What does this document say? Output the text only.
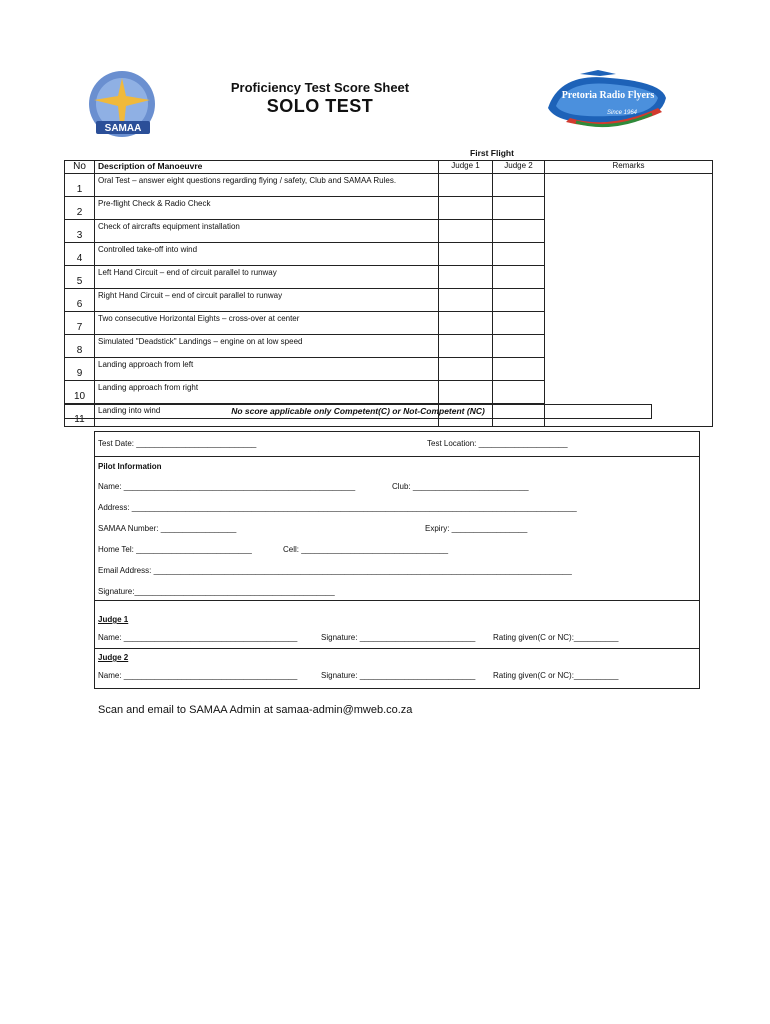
SAMAA
Pretoria Radio Flyers
Since 1964
Proficiency Test Score Sheet
SOLO TEST
First Flight
No	Description of Manoeuvre	Judge 1	Judge 2	Remarks
1	Oral Test – answer eight questions regarding flying / safety, Club and SAMAA Rules.			
2	Pre-flight Check & Radio Check			
3	Check of aircrafts equipment installation			
4	Controlled take-off into wind			
5	Left Hand Circuit – end of circuit parallel to runway			
6	Right Hand Circuit – end of circuit parallel to runway			
7	Two consecutive Horizontal Eights – cross-over at center			
8	Simulated "Deadstick" Landings – engine on at low speed			
9	Landing approach from left			
10	Landing approach from right			
11	Landing into wind				No score applicable only Competent(C) or Not-Competent (NC)
Test Date: ___________________________	Test Location: ____________________
Pilot Information
Name: ____________________________________________________	Club: __________________________
Address: ____________________________________________________________________________________________________
SAMAA Number: _________________	Expiry: _________________
Home Tel: __________________________	Cell: _________________________________
Email Address: ______________________________________________________________________________________________
Signature:_____________________________________________
Judge 1
Name: _______________________________________	Signature: __________________________ Rating given(C or NC):__________
Judge 2
Name: _______________________________________	Signature: __________________________ Rating given(C or NC):__________
Scan and email to SAMAA Admin at samaa-admin@mweb.co.za
